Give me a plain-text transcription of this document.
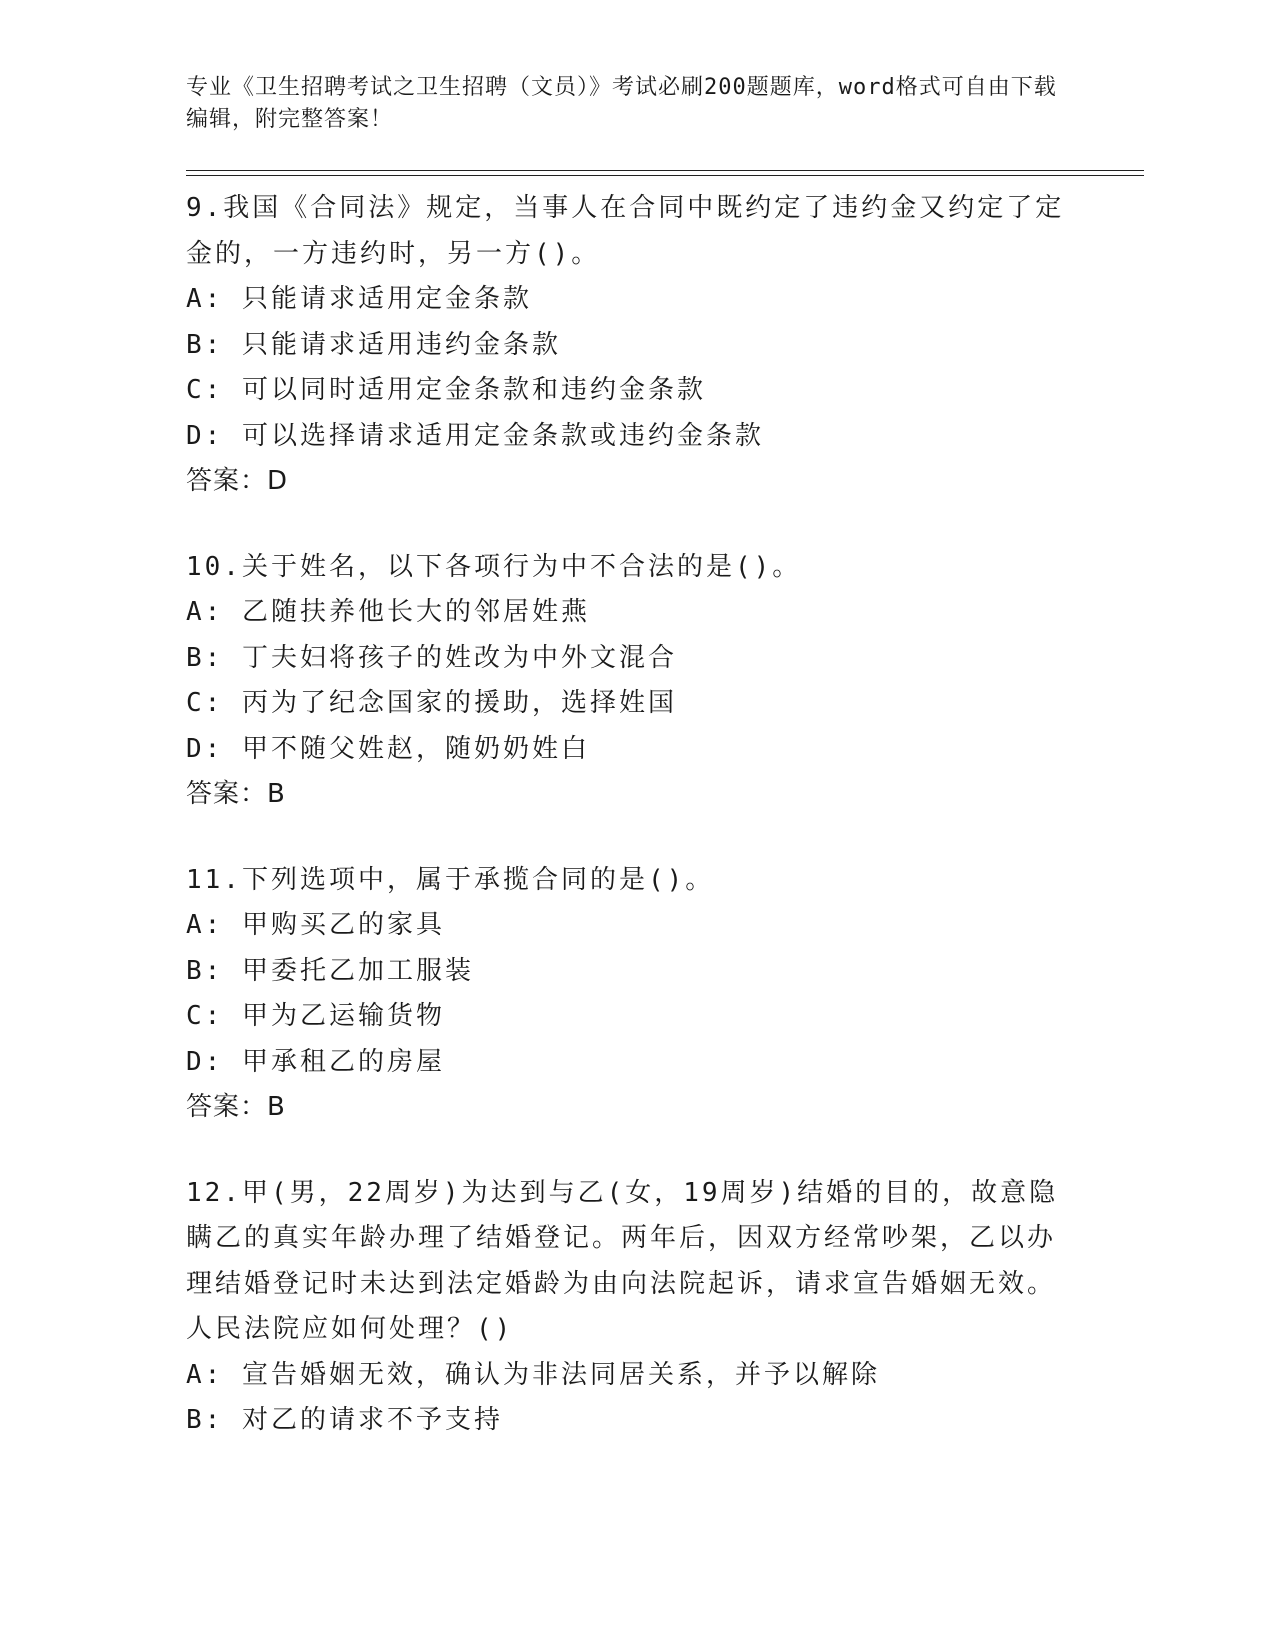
专业《卫生招聘考试之卫生招聘（文员）》考试必刷200题题库，word格式可自由下载编辑，附完整答案！
9.我国《合同法》规定，当事人在合同中既约定了违约金又约定了定金的，一方违约时，另一方()。
A: 只能请求适用定金条款
B: 只能请求适用违约金条款
C: 可以同时适用定金条款和违约金条款
D: 可以选择请求适用定金条款或违约金条款
答案：D
10.关于姓名，以下各项行为中不合法的是()。
A: 乙随扶养他长大的邻居姓燕
B: 丁夫妇将孩子的姓改为中外文混合
C: 丙为了纪念国家的援助，选择姓国
D: 甲不随父姓赵，随奶奶姓白
答案：B
11.下列选项中，属于承揽合同的是()。
A: 甲购买乙的家具
B: 甲委托乙加工服装
C: 甲为乙运输货物
D: 甲承租乙的房屋
答案：B
12.甲(男，22周岁)为达到与乙(女，19周岁)结婚的目的，故意隐瞒乙的真实年龄办理了结婚登记。两年后，因双方经常吵架，乙以办理结婚登记时未达到法定婚龄为由向法院起诉，请求宣告婚姻无效。人民法院应如何处理？()
A: 宣告婚姻无效，确认为非法同居关系，并予以解除
B: 对乙的请求不予支持
